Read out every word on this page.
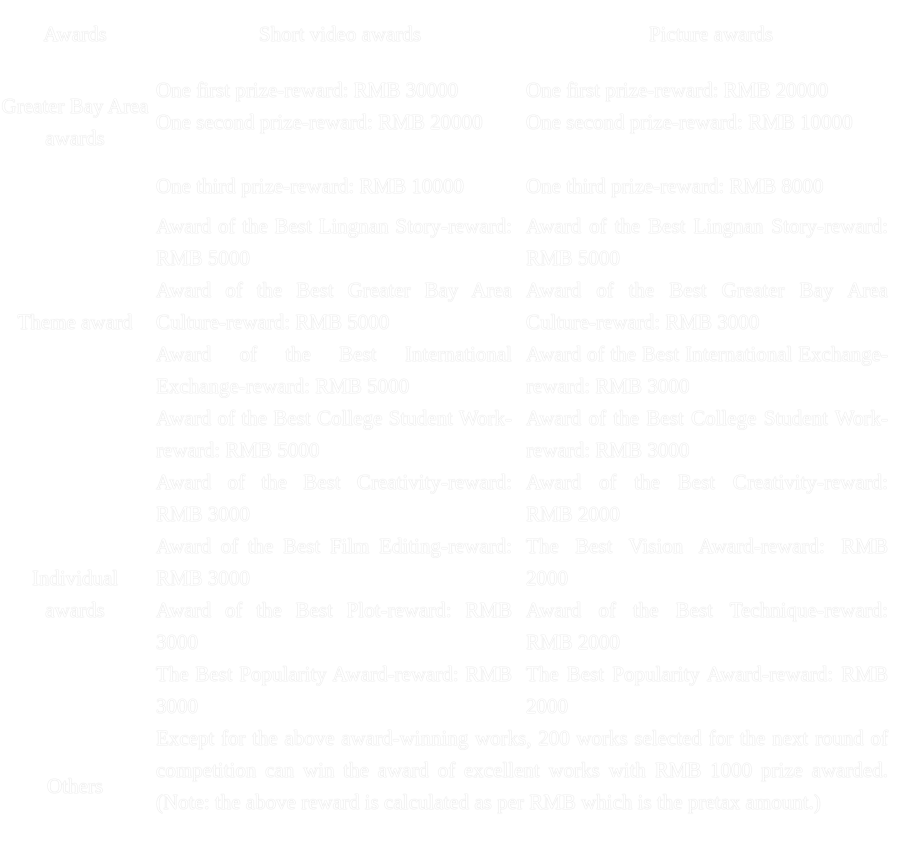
Awards	Short video awards	Picture awards
Greater Bay Area awards
One first prize-reward: RMB 30000
One second prize-reward: RMB 20000
One third prize-reward: RMB 10000
One first prize-reward: RMB 20000
One second prize-reward: RMB 10000
One third prize-reward: RMB 8000
Theme award
Award of the Best Lingnan Story-reward: RMB 5000
Award of the Best Greater Bay Area Culture-reward: RMB 5000
Award of the Best International Exchange-reward: RMB 5000
Award of the Best College Student Work-reward: RMB 5000
Award of the Best Lingnan Story-reward: RMB 5000
Award of the Best Greater Bay Area Culture-reward: RMB 3000
Award of the Best International Exchange-reward: RMB 3000
Award of the Best College Student Work-reward: RMB 3000
Individual awards
Award of the Best Creativity-reward: RMB 3000
Award of the Best Film Editing-reward: RMB 3000
Award of the Best Plot-reward: RMB 3000
The Best Popularity Award-reward: RMB 3000
Award of the Best Creativity-reward: RMB 2000
The Best Vision Award-reward: RMB 2000
Award of the Best Technique-reward: RMB 2000
The Best Popularity Award-reward: RMB 2000
Others
Except for the above award-winning works, 200 works selected for the next round of competition can win the award of excellent works with RMB 1000 prize awarded. (Note: the above reward is calculated as per RMB which is the pretax amount.)
